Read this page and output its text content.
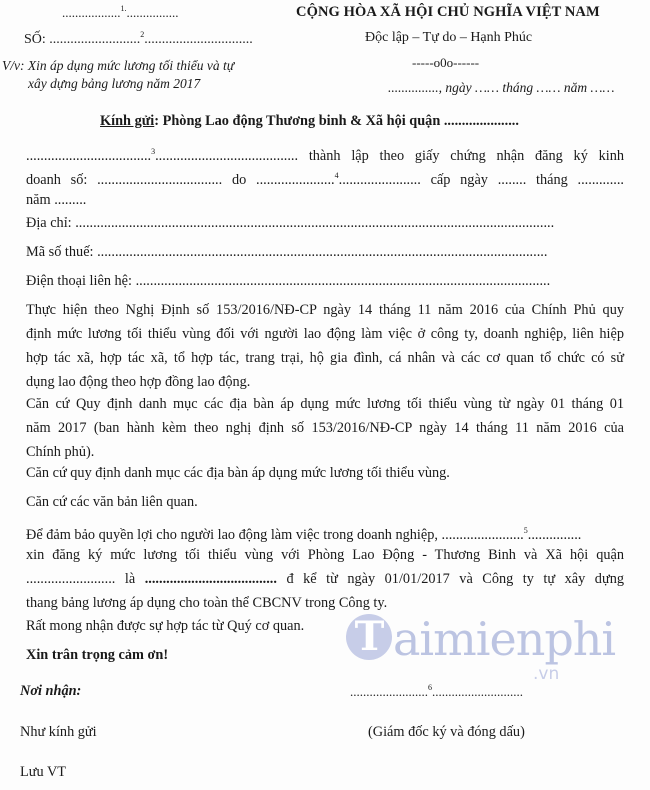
..................$^{1.}$................
SỐ: ..........................$^2$...............................
V/v: Xin áp dụng mức lương tối thiểu và tự
xây dựng bảng lương năm 2017
CỘNG HÒA XÃ HỘI CHỦ NGHĨA VIỆT NAM
Độc lập – Tự do – Hạnh Phúc
-----o0o------
..............., ngày …… tháng …… năm ……
Kính gửi: Phòng Lao động Thương binh & Xã hội quận .....................
...................................$^3$........................................ thành lập theo giấy chứng nhận đăng ký kinh
doanh số: ................................... do ......................$^4$....................... cấp ngày ........ tháng .............
năm .........
Địa chỉ: ......................................................................................................................................
Mã số thuế: ..............................................................................................................................
Điện thoại liên hệ: ....................................................................................................................
Thực hiện theo Nghị Định số 153/2016/NĐ-CP ngày 14 tháng 11 năm 2016 của Chính Phủ quy
định mức lương tối thiểu vùng đối với người lao động làm việc ở công ty, doanh nghiệp, liên hiệp
hợp tác xã, hợp tác xã, tổ hợp tác, trang trại, hộ gia đình, cá nhân và các cơ quan tổ chức có sử
dụng lao động theo hợp đồng lao động.
Căn cứ Quy định danh mục các địa bàn áp dụng mức lương tối thiểu vùng từ ngày 01 tháng 01
năm 2017 (ban hành kèm theo nghị định số 153/2016/NĐ-CP ngày 14 tháng 11 năm 2016 của
Chính phủ).
Căn cứ quy định danh mục các địa bàn áp dụng mức lương tối thiểu vùng.
Căn cứ các văn bản liên quan.
Để đảm bảo quyền lợi cho người lao động làm việc trong doanh nghiệp, .......................$^5$...............
xin đăng ký mức lương tối thiểu vùng với Phòng Lao Động - Thương Binh và Xã hội quận
......................... là ..................................... đ kể từ ngày 01/01/2017 và Công ty tự xây dựng
thang bảng lương áp dụng cho toàn thể CBCNV trong Công ty.
Rất mong nhận được sự hợp tác từ Quý cơ quan.
Xin trân trọng cảm ơn!	T aimienphi
.vn
Nơi nhận:
Như kính gửi
Lưu VT
........................$^6$............................
(Giám đốc ký và đóng dấu)
